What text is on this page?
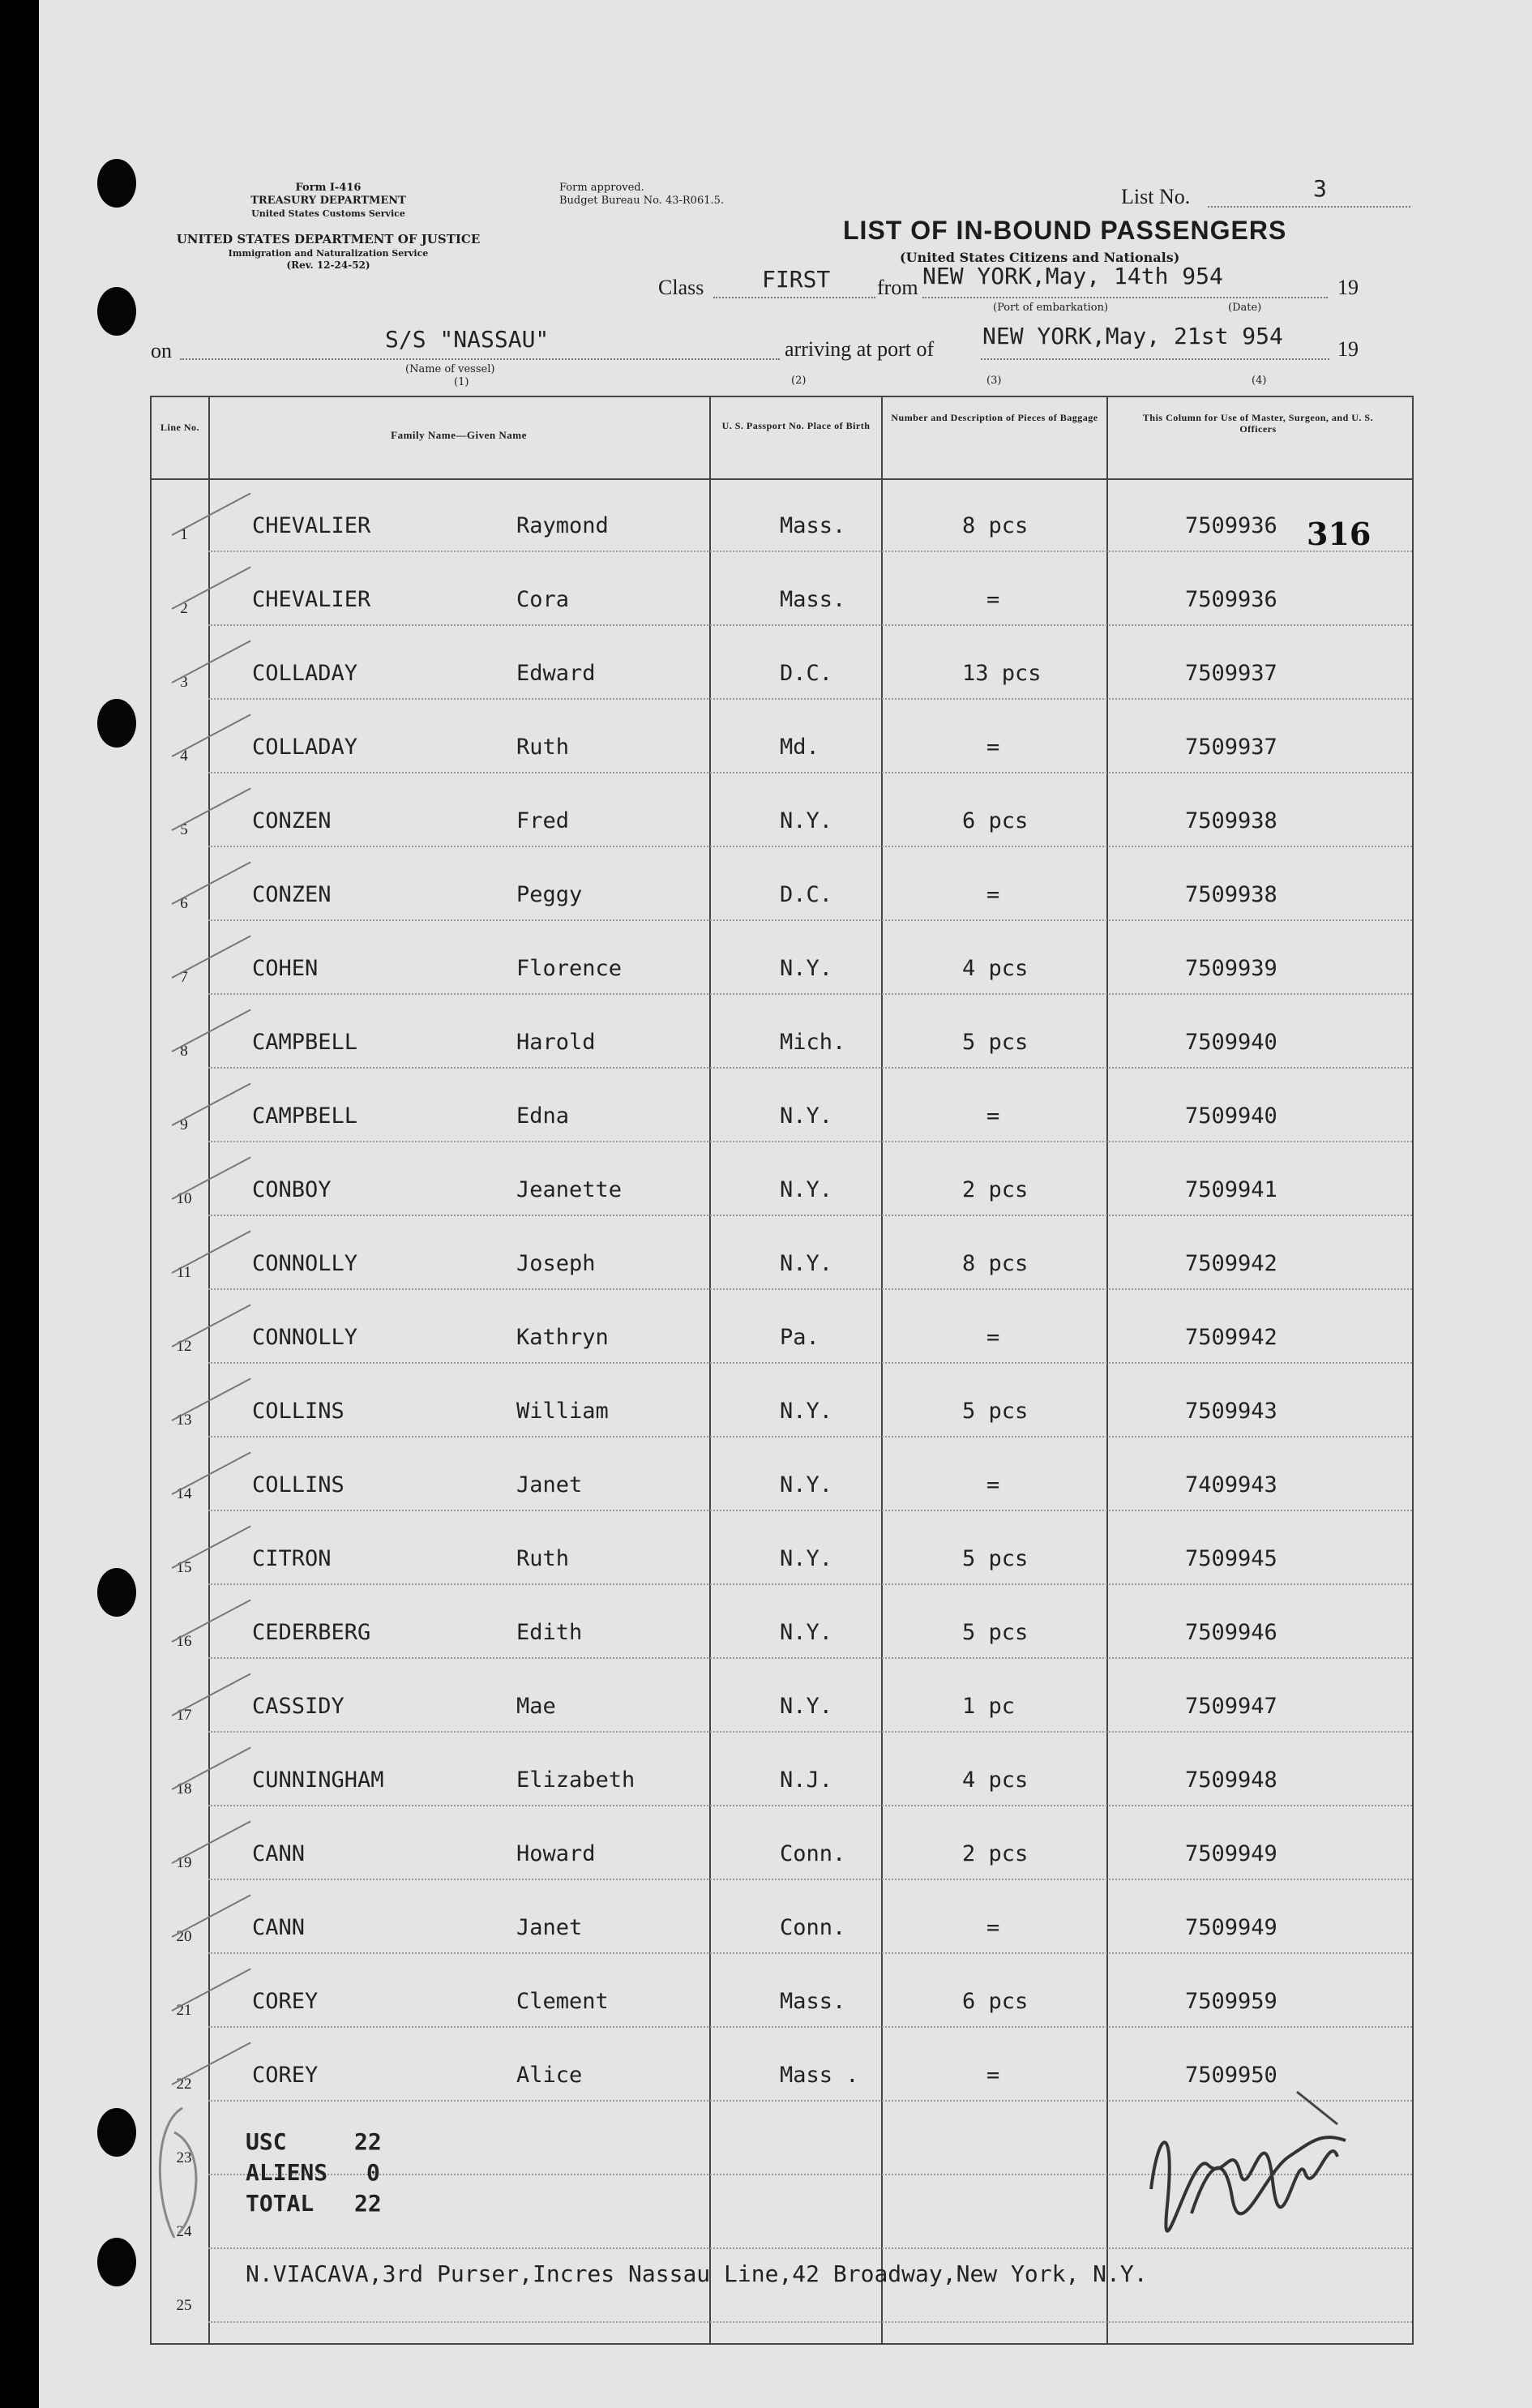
Form I-416
TREASURY DEPARTMENT
United States Customs Service
UNITED STATES DEPARTMENT OF JUSTICE
Immigration and Naturalization Service
(Rev. 12-24-52)
Form approved.
Budget Bureau No. 43-R061.5.	List No.	3
LIST OF IN-BOUND PASSENGERS
(United States Citizens and Nationals)
Class	FIRST from NEW YORK,May, 14th 954	19
(Port of embarkation)	(Date)
on	S/S "NASSAU"
(Name of vessel)
(1)
arriving at port of NEW YORK,May, 21st 954	19
(2)	(3)	(4)
Line No.
Family Name—Given Name
U. S. Passport No. Place of Birth
Number and Description of Pieces of Baggage	This Column for Use of Master, Surgeon, and U. S. Officers
1	CHEVALIER	Raymond	Mass.	8 pcs	7509936
2	CHEVALIER	Cora	Mass.	=	7509936
3	COLLADAY	Edward	D.C.	13 pcs	7509937
4	COLLADAY	Ruth	Md.	=	7509937
5	CONZEN	Fred	N.Y.	6 pcs	7509938
6	CONZEN	Peggy	D.C.	=	7509938
7	COHEN	Florence	N.Y.	4 pcs	7509939
8	CAMPBELL	Harold	Mich.	5 pcs	7509940
9	CAMPBELL	Edna	N.Y.	=	7509940
10	CONBOY	Jeanette	N.Y.	2 pcs	7509941
11	CONNOLLY	Joseph	N.Y.	8 pcs	7509942
12	CONNOLLY	Kathryn	Pa.	=	7509942
13	COLLINS	William	N.Y.	5 pcs	7509943
14	COLLINS	Janet	N.Y.	=	7409943
15	CITRON	Ruth	N.Y.	5 pcs	7509945
16	CEDERBERG	Edith	N.Y.	5 pcs	7509946
17	CASSIDY	Mae	N.Y.	1 pc	7509947
18	CUNNINGHAM	Elizabeth	N.J.	4 pcs	7509948
19	CANN	Howard	Conn.	2 pcs	7509949
20	CANN	Janet	Conn.	=	7509949
21	COREY	Clement	Mass.	6 pcs	7509959
22	COREY	Alice	Mass .	=	7509950
23
24
25
316
USC	22
ALIENS 0
TOTAL 22
N.VIACAVA,3rd Purser,Incres Nassau Line,42 Broadway,New York, N.Y.
